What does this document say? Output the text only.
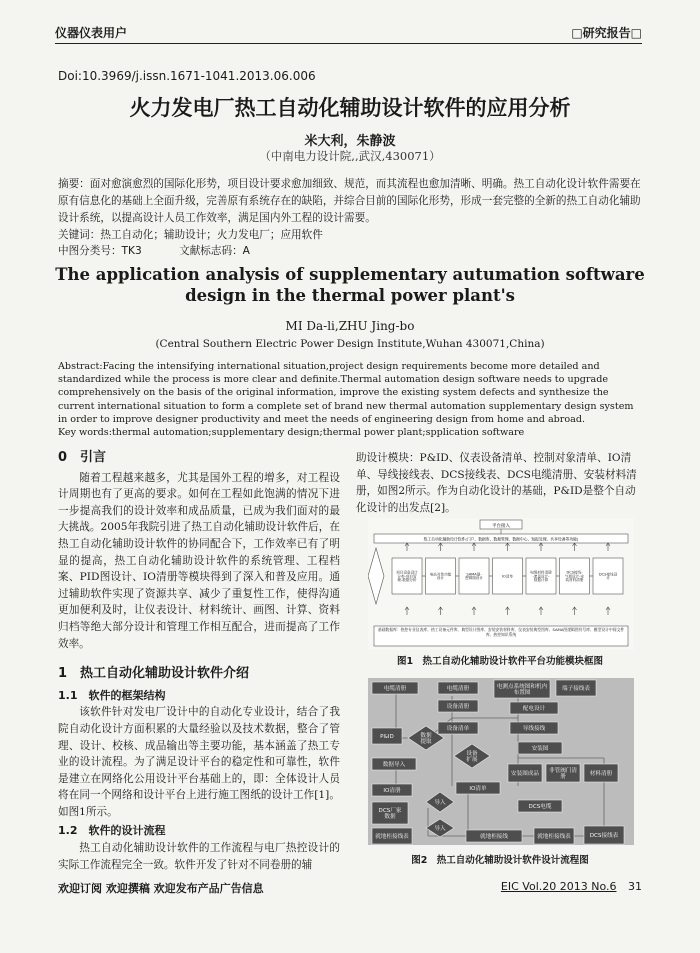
仪器仪表用户	□研究报告□
Doi:10.3969/j.issn.1671-1041.2013.06.006
火力发电厂热工自动化辅助设计软件的应用分析
米大利，朱静波
（中南电力设计院,,武汉,430071）
摘要：面对愈演愈烈的国际化形势，项目设计要求愈加细致、规范，而其流程也愈加清晰、明确。热工自动化设计软件需要在原有信息化的基础上全面升级，完善原有系统存在的缺陷，并综合目前的国际化形势，形成一套完整的全新的热工自动化辅助设计系统，以提高设计人员工作效率，满足国内外工程的设计需要。
关键词：热工自动化；辅助设计；火力发电厂；应用软件
中图分类号：TK3	文献标志码：A
The application analysis of supplementary autumation software design in the thermal power plant's
MI Da-li,ZHU Jing-bo
(Central Southern Electric Power Design Institute,Wuhan 430071,China)
Abstract:Facing the intensifying international situation,project design requirements become more detailed and standardized while the process is more clear and definite.Thermal automation design software needs to upgrade comprehensively on the basis of the original information, improve the existing system defects and synthesize the current international situation to form a complete set of brand new thermal automation supplementary design system in order to improve designer productivity and meet the needs of engineering design from home and abroad.
Key words:thermal automation;supplementary design;thermal power plant;spplication software
0　引言
随着工程越来越多，尤其是国外工程的增多，对工程设计周期也有了更高的要求。如何在工程如此饱满的情况下进一步提高我们的设计效率和成品质量，已成为我们面对的最大挑战。2005年我院引进了热工自动化辅助设计软件后，在热工自动化辅助设计软件的协同配合下，工作效率已有了明显的提高，热工自动化辅助设计软件的系统管理、工程档案、PID图设计、IO清册等模块得到了深入和普及应用。通过辅助软件实现了资源共享、减少了重复性工作，使得沟通更加便利及时，让仪表设计、材料统计、画图、计算、资料归档等绝大部分设计和管理工作相互配合，进而提高了工作效率。
1　热工自动化辅助设计软件介绍
1.1　软件的框架结构
该软件针对发电厂设计中的自动化专业设计，结合了我院自动化设计方面积累的大量经验以及技术数据，整合了管理、设计、校核、成品输出等主要功能，基本涵盖了热工专业的设计流程。为了满足设计平台的稳定性和可靠性，软件是建立在网络化公用设计平台基础上的，即：全体设计人员将在同一个网络和设计平台上进行施工图纸的设计工作[1]。如图1所示。
1.2　软件的设计流程
热工自动化辅助设计软件的工作流程与电厂热控设计的实际工作流程完全一致。软件开发了针对不同卷册的辅
助设计模块：P&ID、仪表设备清单、控制对象清单、IO清单、导线接线表、DCS接线表、DCS电缆清册、安装材料清册，如图2所示。作为自动化设计的基础，P&ID是整个自动化设计的出发点[2]。
平台接入
热工自动化辅助设计软件(门户、数据库、数据管理、数据中心、短报处理、共享设备等功能)
项目设备设计分类-项目管理-数据分析
电站对象功能设计
SAMA图-逻辑图设计	IO清单
电缆材料清册-流量设计-数据计算
DCS接线-气源设计-安装材料清册
DCS接线设计
基础数据库：热控专业仪表库、热工设备元件库、典型设计图库、安装安装材料库、仪表安装典型图库、SAMA图逻辑图符号库、模型设计中间文件库、热控知识系统
图1　热工自动化辅助设计软件平台功能模块框图
电缆清册	电缆清册	电测点系统图和机内布置图
端子接线表
设备清册
P&ID	数据提取
设备清单
配电设计
导线接线
安装图
设备扩展
数据导入
安装图成品
非管阀门清册
材料清册
IO清册	IO清单
DCS厂家数据
导入
DCS电缆
就地柜接线表
导入
就地柜接线	就地柜接线表	DCS接线表
图2　热工自动化辅助设计软件设计流程图
欢迎订阅 欢迎撰稿 欢迎发布产品广告信息	EIC Vol.20 2013 No.6 31
